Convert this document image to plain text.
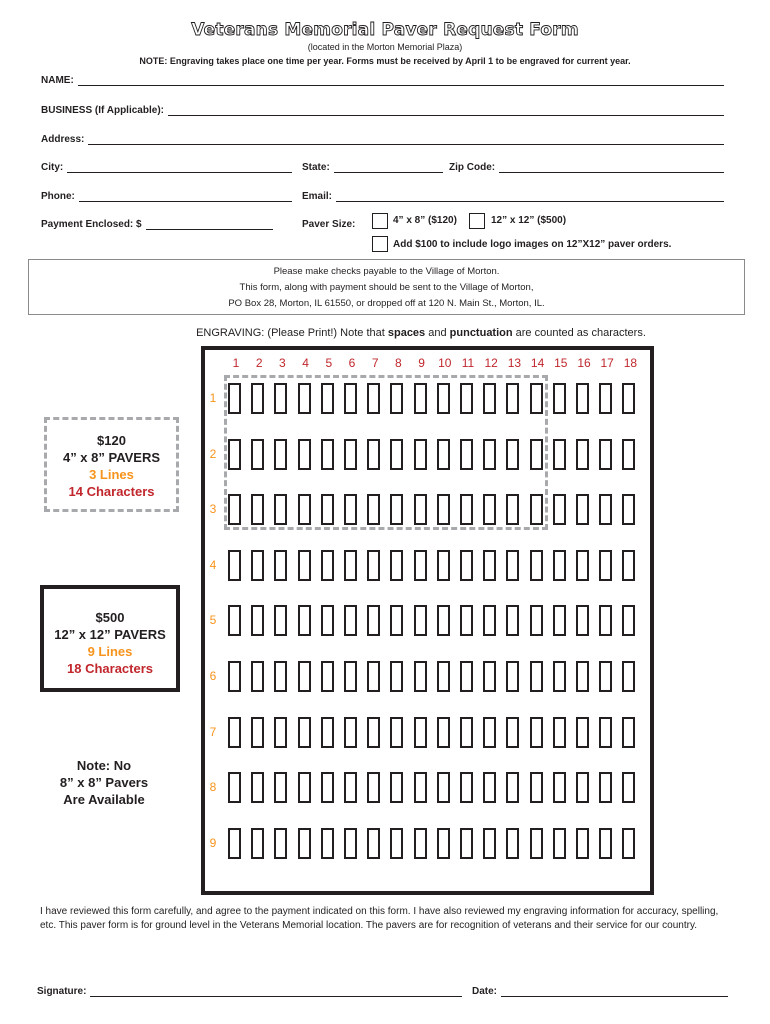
Veterans Memorial Paver Request Form
(located in the Morton Memorial Plaza)
NOTE: Engraving takes place one time per year. Forms must be received by April 1 to be engraved for current year.
NAME:
BUSINESS (If Applicable):
Address:
City:	State:	Zip Code:
Phone:	Email:
Payment Enclosed: $	Paver Size:	4” x 8” ($120)	12” x 12” ($500)
Add $100 to include logo images on 12”X12” paver orders.
Please make checks payable to the Village of Morton.
This form, along with payment should be sent to the Village of Morton,
PO Box 28, Morton, IL 61550, or dropped off at 120 N. Main St., Morton, IL.
ENGRAVING: (Please Print!) Note that spaces and punctuation are counted as characters.
1	2	3	4	5	6	7	8	9	10 11 12 13 14 15 16 17 18
1
2
3
4
5
6
7
8
9
$120
4” x 8” PAVERS
3 Lines
14 Characters
$500
12” x 12” PAVERS
9 Lines
18 Characters
Note: No
8” x 8” Pavers
Are Available
I have reviewed this form carefully, and agree to the payment indicated on this form. I have also reviewed my engraving information for accuracy, spelling, etc. This paver form is for ground level in the Veterans Memorial location. The pavers are for recognition of veterans and their service for our country.
Signature:	Date:
